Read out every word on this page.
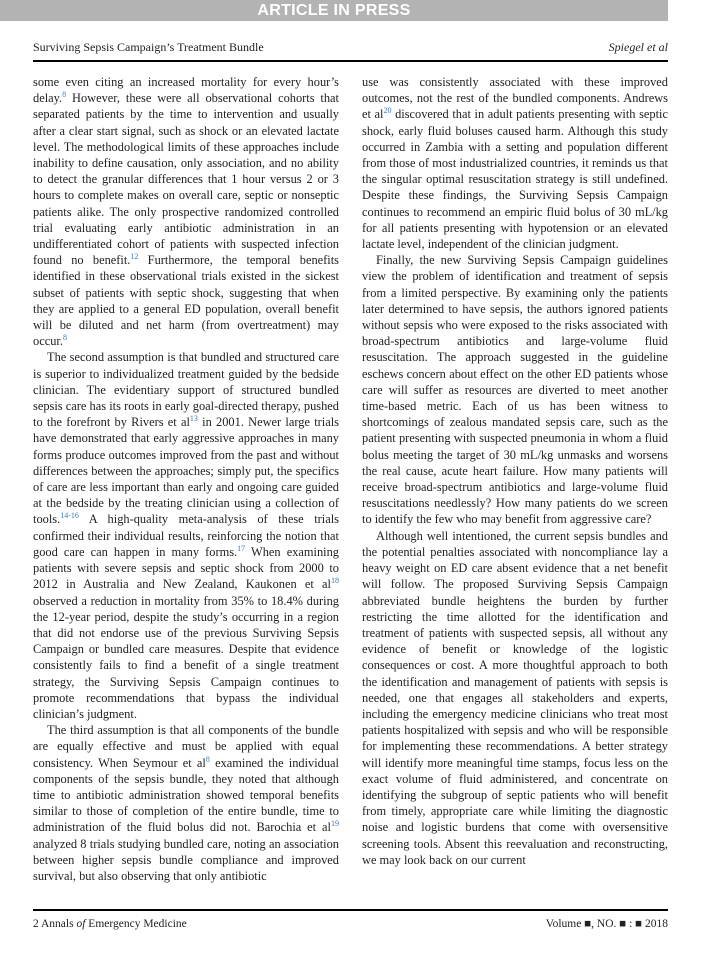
ARTICLE IN PRESS
Surviving Sepsis Campaign’s Treatment Bundle	Spiegel et al

some even citing an increased mortality for every hour’s delay.$^8$ However, these were all observational cohorts that separated patients by the time to intervention and usually after a clear start signal, such as shock or an elevated lactate level. The methodological limits of these approaches include inability to define causation, only association, and no ability to detect the granular differences that 1 hour versus 2 or 3 hours to complete makes on overall care, septic or nonseptic patients alike. The only prospective randomized controlled trial evaluating early antibiotic administration in an undifferentiated cohort of patients with suspected infection found no benefit.$^{12}$ Furthermore, the temporal benefits identified in these observational trials existed in the sickest subset of patients with septic shock, suggesting that when they are applied to a general ED population, overall benefit will be diluted and net harm (from overtreatment) may occur.$^8$

The second assumption is that bundled and structured care is superior to individualized treatment guided by the bedside clinician. The evidentiary support of structured bundled sepsis care has its roots in early goal-directed therapy, pushed to the forefront by Rivers et al$^{13}$ in 2001. Newer large trials have demonstrated that early aggressive approaches in many forms produce outcomes improved from the past and without differences between the approaches; simply put, the specifics of care are less important than early and ongoing care guided at the bedside by the treating clinician using a collection of tools.$^{14-16}$ A high-quality meta-analysis of these trials confirmed their individual results, reinforcing the notion that good care can happen in many forms.$^{17}$ When examining patients with severe sepsis and septic shock from 2000 to 2012 in Australia and New Zealand, Kaukonen et al$^{18}$ observed a reduction in mortality from 35% to 18.4% during the 12-year period, despite the study’s occurring in a region that did not endorse use of the previous Surviving Sepsis Campaign or bundled care measures. Despite that evidence consistently fails to find a benefit of a single treatment strategy, the Surviving Sepsis Campaign continues to promote recommendations that bypass the individual clinician’s judgment.

The third assumption is that all components of the bundle are equally effective and must be applied with equal consistency. When Seymour et al$^8$ examined the individual components of the sepsis bundle, they noted that although time to antibiotic administration showed temporal benefits similar to those of completion of the entire bundle, time to administration of the fluid bolus did not. Barochia et al$^{19}$ analyzed 8 trials studying bundled care, noting an association between higher sepsis bundle compliance and improved survival, but also observing that only antibiotic

use was consistently associated with these improved outcomes, not the rest of the bundled components. Andrews et al$^{20}$ discovered that in adult patients presenting with septic shock, early fluid boluses caused harm. Although this study occurred in Zambia with a setting and population different from those of most industrialized countries, it reminds us that the singular optimal resuscitation strategy is still undefined. Despite these findings, the Surviving Sepsis Campaign continues to recommend an empiric fluid bolus of 30 mL/kg for all patients presenting with hypotension or an elevated lactate level, independent of the clinician judgment.

Finally, the new Surviving Sepsis Campaign guidelines view the problem of identification and treatment of sepsis from a limited perspective. By examining only the patients later determined to have sepsis, the authors ignored patients without sepsis who were exposed to the risks associated with broad-spectrum antibiotics and large-volume fluid resuscitation. The approach suggested in the guideline eschews concern about effect on the other ED patients whose care will suffer as resources are diverted to meet another time-based metric. Each of us has been witness to shortcomings of zealous mandated sepsis care, such as the patient presenting with suspected pneumonia in whom a fluid bolus meeting the target of 30 mL/kg unmasks and worsens the real cause, acute heart failure. How many patients will receive broad-spectrum antibiotics and large-volume fluid resuscitations needlessly? How many patients do we screen to identify the few who may benefit from aggressive care?

Although well intentioned, the current sepsis bundles and the potential penalties associated with noncompliance lay a heavy weight on ED care absent evidence that a net benefit will follow. The proposed Surviving Sepsis Campaign abbreviated bundle heightens the burden by further restricting the time allotted for the identification and treatment of patients with suspected sepsis, all without any evidence of benefit or knowledge of the logistic consequences or cost. A more thoughtful approach to both the identification and management of patients with sepsis is needed, one that engages all stakeholders and experts, including the emergency medicine clinicians who treat most patients hospitalized with sepsis and who will be responsible for implementing these recommendations. A better strategy will identify more meaningful time stamps, focus less on the exact volume of fluid administered, and concentrate on identifying the subgroup of septic patients who will benefit from timely, appropriate care while limiting the diagnostic noise and logistic burdens that come with oversensitive screening tools. Absent this reevaluation and reconstructing, we may look back on our current

2 Annals of Emergency Medicine	Volume ■, NO. ■ : ■ 2018
